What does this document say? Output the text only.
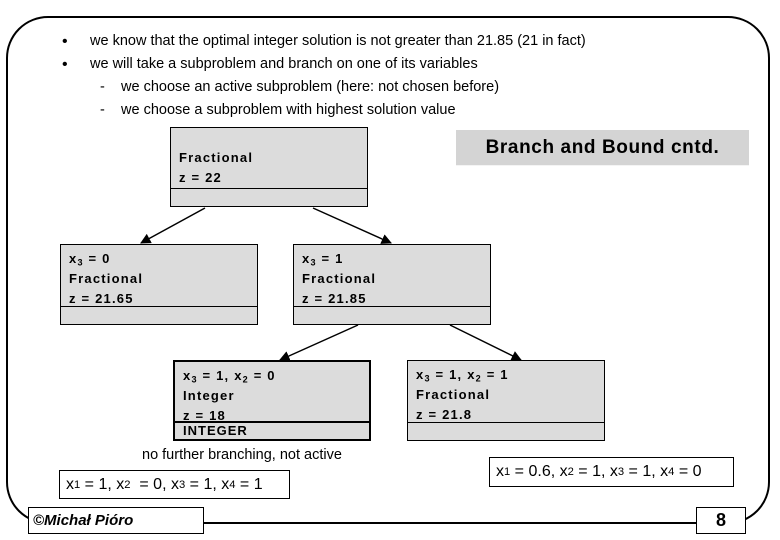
• we know that the optimal integer solution is not greater than 21.85 (21 in fact)
• we will take a subproblem and branch on one of its variables
- we choose an active subproblem (here: not chosen before)
- we choose a subproblem with highest solution value
Branch and Bound cntd.
Fractional
z = 22
$x_3 = 0$
Fractional
z = 21.65
$x_3 = 1$
Fractional
z = 21.85
$x_3 = 1$, $x_2 = 0$
Integer
z = 18
INTEGER
$x_3 = 1$, $x_2 = 1$
Fractional
z = 21.8
no further branching, not active
x 1 = 1, x 2 = 0, x 3 = 1, x 4 = 1
x 1 = 0.6, x 2 = 1, x 3 = 1, x 4 = 0
©Michał Pióro	8
